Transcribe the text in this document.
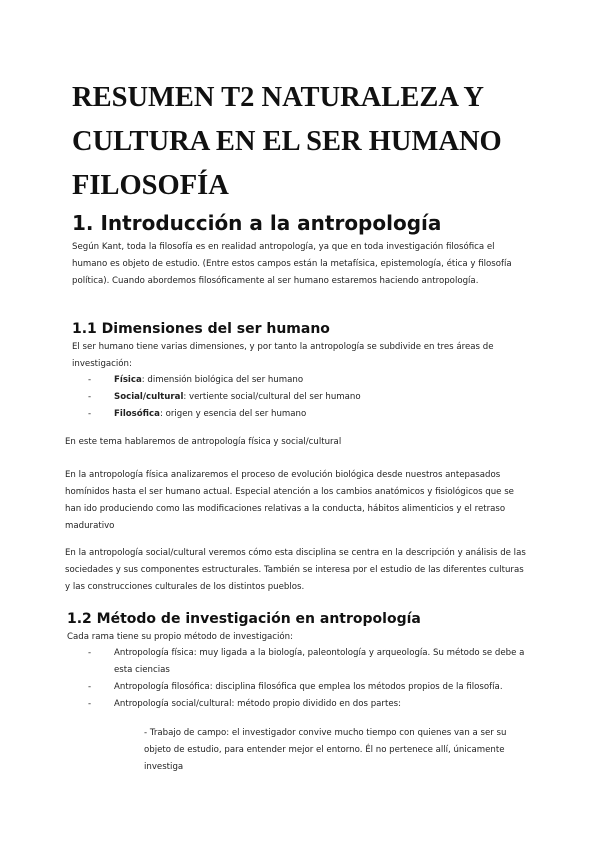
RESUMEN T2 NATURALEZA Y
CULTURA EN EL SER HUMANO
FILOSOFÍA
1. Introducción a la antropología

Según Kant, toda la filosofía es en realidad antropología, ya que en toda investigación filosófica el humano es objeto de estudio. (Entre estos campos están la metafísica, epistemología, ética y filosofía política). Cuando abordemos filosóficamente al ser humano estaremos haciendo antropología.

1.1 Dimensiones del ser humano

El ser humano tiene varias dimensiones, y por tanto la antropología se subdivide en tres áreas de investigación:

- Física: dimensión biológica del ser humano
- Social/cultural: vertiente social/cultural del ser humano
- Filosófica: origen y esencia del ser humano

En este tema hablaremos de antropología física y social/cultural

En la antropología física analizaremos el proceso de evolución biológica desde nuestros antepasados homínidos hasta el ser humano actual. Especial atención a los cambios anatómicos y fisiológicos que se han ido produciendo como las modificaciones relativas a la conducta, hábitos alimenticios y el retraso madurativo

En la antropología social/cultural veremos cómo esta disciplina se centra en la descripción y análisis de las sociedades y sus componentes estructurales. También se interesa por el estudio de las diferentes culturas y las construcciones culturales de los distintos pueblos.

1.2 Método de investigación en antropología

Cada rama tiene su propio método de investigación:

- Antropología física: muy ligada a la biología, paleontología y arqueología. Su método se debe a esta ciencias
- Antropología filosófica: disciplina filosófica que emplea los métodos propios de la filosofía.
- Antropología social/cultural: método propio dividido en dos partes:

- Trabajo de campo: el investigador convive mucho tiempo con quienes van a ser su objeto de estudio, para entender mejor el entorno. Él no pertenece allí, únicamente investiga
